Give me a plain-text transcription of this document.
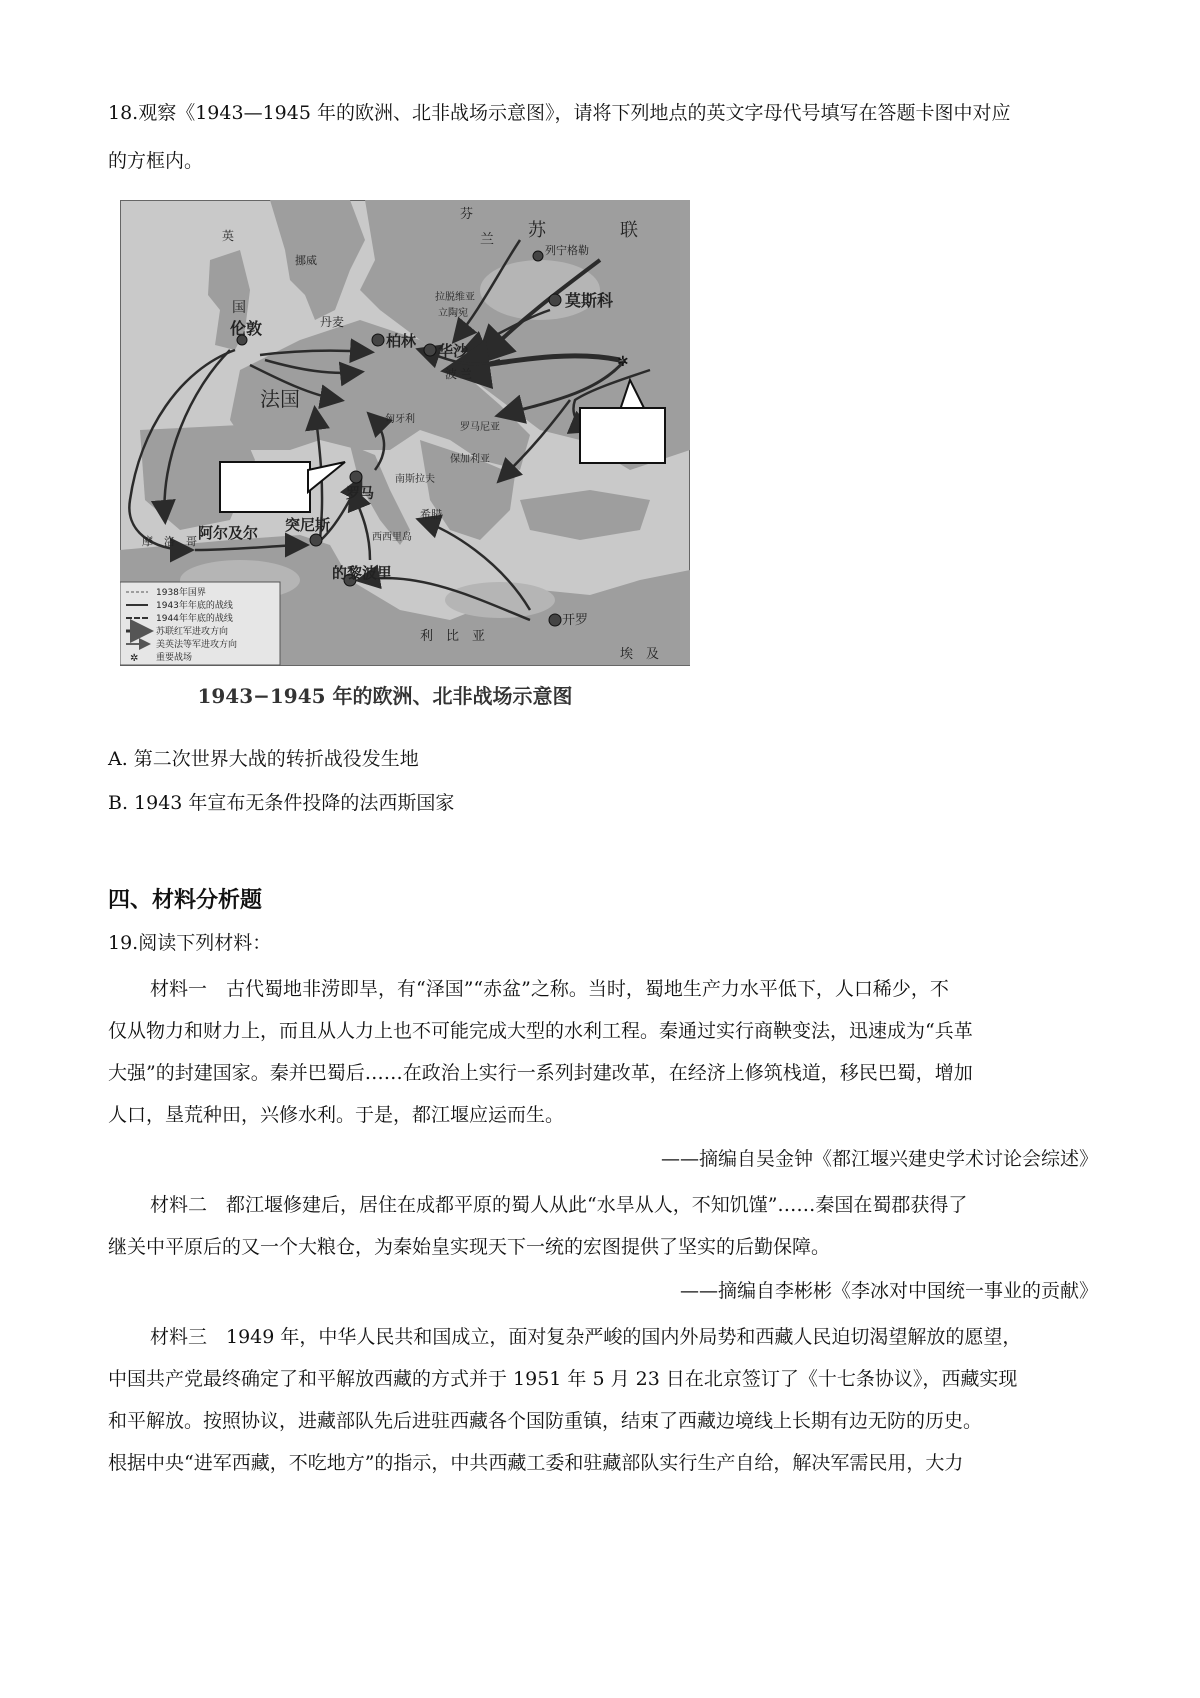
18.观察《1943—1945 年的欧洲、北非战场示意图》，请将下列地点的英文字母代号填写在答题卡图中对应
的方框内。
芬
兰 苏	联
挪威
英
国
丹麦
列宁格勒
莫斯科
伦敦
柏林
华沙
法国
罗马
阿尔及尔 突尼斯
的黎波里
开罗
利　比　亚
埃　及
摩　洛　哥
保加利亚
拉脱维亚
立陶宛
波 兰
南斯拉夫
希腊
西西里岛
罗马尼亚
匈牙利
✲
✲
1938年国界
1943年年底的战线
1944年年底的战线
苏联红军进攻方向
美英法等军进攻方向
重要战场
1943−1945 年的欧洲、北非战场示意图
A. 第二次世界大战的转折战役发生地
B. 1943 年宣布无条件投降的法西斯国家
四、材料分析题
19.阅读下列材料：
材料一　古代蜀地非涝即旱，有“泽国”“赤盆”之称。当时，蜀地生产力水平低下，人口稀少，不
仅从物力和财力上，而且从人力上也不可能完成大型的水利工程。秦通过实行商鞅变法，迅速成为“兵革
大强”的封建国家。秦并巴蜀后……在政治上实行一系列封建改革，在经济上修筑栈道，移民巴蜀，增加
人口，垦荒种田，兴修水利。于是，都江堰应运而生。
——摘编自吴金钟《都江堰兴建史学术讨论会综述》
材料二　都江堰修建后，居住在成都平原的蜀人从此“水旱从人，不知饥馑”……秦国在蜀郡获得了
继关中平原后的又一个大粮仓，为秦始皇实现天下一统的宏图提供了坚实的后勤保障。
——摘编自李彬彬《李冰对中国统一事业的贡献》
材料三　1949 年，中华人民共和国成立，面对复杂严峻的国内外局势和西藏人民迫切渴望解放的愿望，
中国共产党最终确定了和平解放西藏的方式并于 1951 年 5 月 23 日在北京签订了《十七条协议》，西藏实现
和平解放。按照协议，进藏部队先后进驻西藏各个国防重镇，结束了西藏边境线上长期有边无防的历史。
根据中央“进军西藏，不吃地方”的指示，中共西藏工委和驻藏部队实行生产自给，解决军需民用，大力
